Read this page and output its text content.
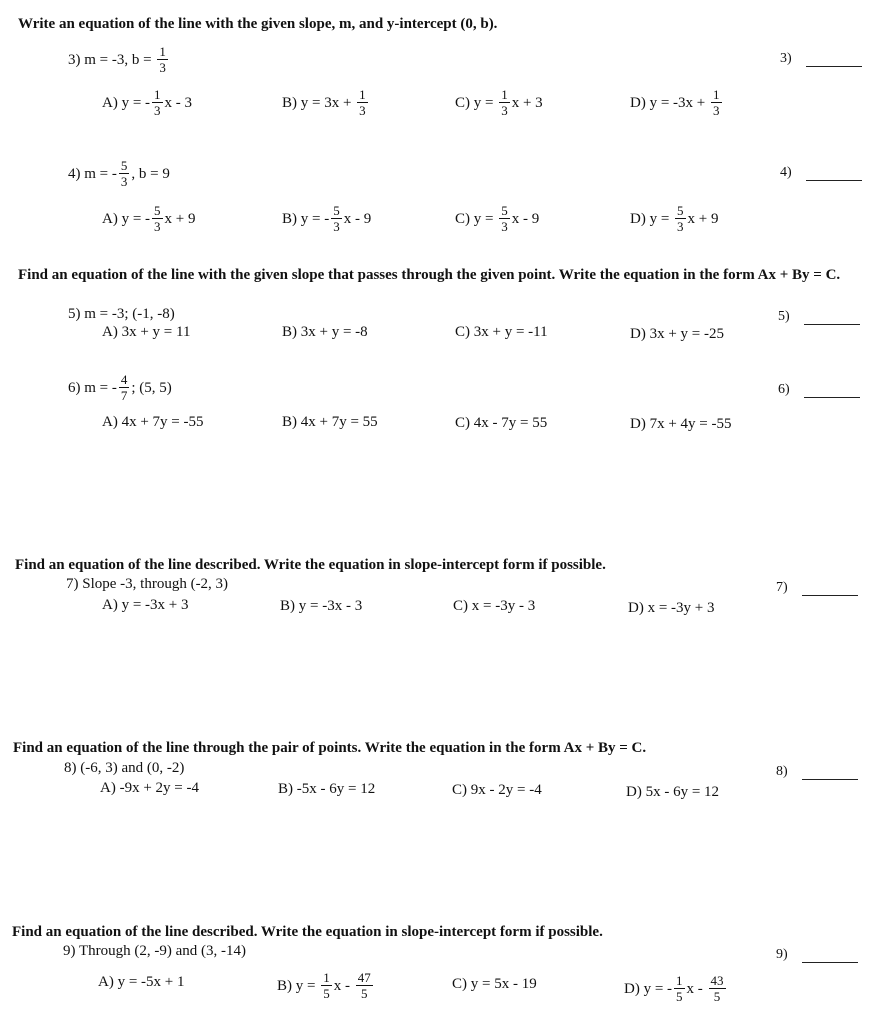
Write an equation of the line with the given slope, m, and y-intercept (0, b).
3) m = -3, $b = \frac{1}{3}$	3)
A) y = - $\frac{1}{3}$ x - 3	B) $y = 3x + \frac{1}{3}$	C) $y = \frac{1}{3}$ x + 3	D) $y = -3x + \frac{1}{3}$
4) m = - $\frac{5}{3}$ , b = 9	4)
A) y = - $\frac{5}{3}$ x + 9	B) y = - $\frac{5}{3}$ x - 9	C) $y = \frac{5}{3}$ x - 9	D) $y = \frac{5}{3}$ x + 9
Find an equation of the line with the given slope that passes through the given point. Write the equation in the form Ax + By = C.
5) m = -3; (-1, -8)	5)
A) 3x + y = 11	B) 3x + y = -8	C) 3x + y = -11	D) 3x + y = -25
6) m = - $\frac{4}{7}$ ; (5, 5)	6)
A) 4x + 7y = -55	B) 4x + 7y = 55	C) 4x - 7y = 55	D) 7x + 4y = -55
Find an equation of the line described. Write the equation in slope-intercept form if possible.
7) Slope -3, through (-2, 3)	7)
A) y = -3x + 3	B) y = -3x - 3	C) x = -3y - 3	D) x = -3y + 3
Find an equation of the line through the pair of points. Write the equation in the form Ax + By = C.
8) (-6, 3) and (0, -2)	8)
A) -9x + 2y = -4	B) -5x - 6y = 12	C) 9x - 2y = -4	D) 5x - 6y = 12
Find an equation of the line described. Write the equation in slope-intercept form if possible.
9) Through (2, -9) and (3, -14)	9)
A) y = -5x + 1	B) $y = \frac{1}{5}$ x - $\frac{47}{5}$	C) y = 5x - 19	D) y = - $\frac{1}{5}$ x - $\frac{43}{5}$
